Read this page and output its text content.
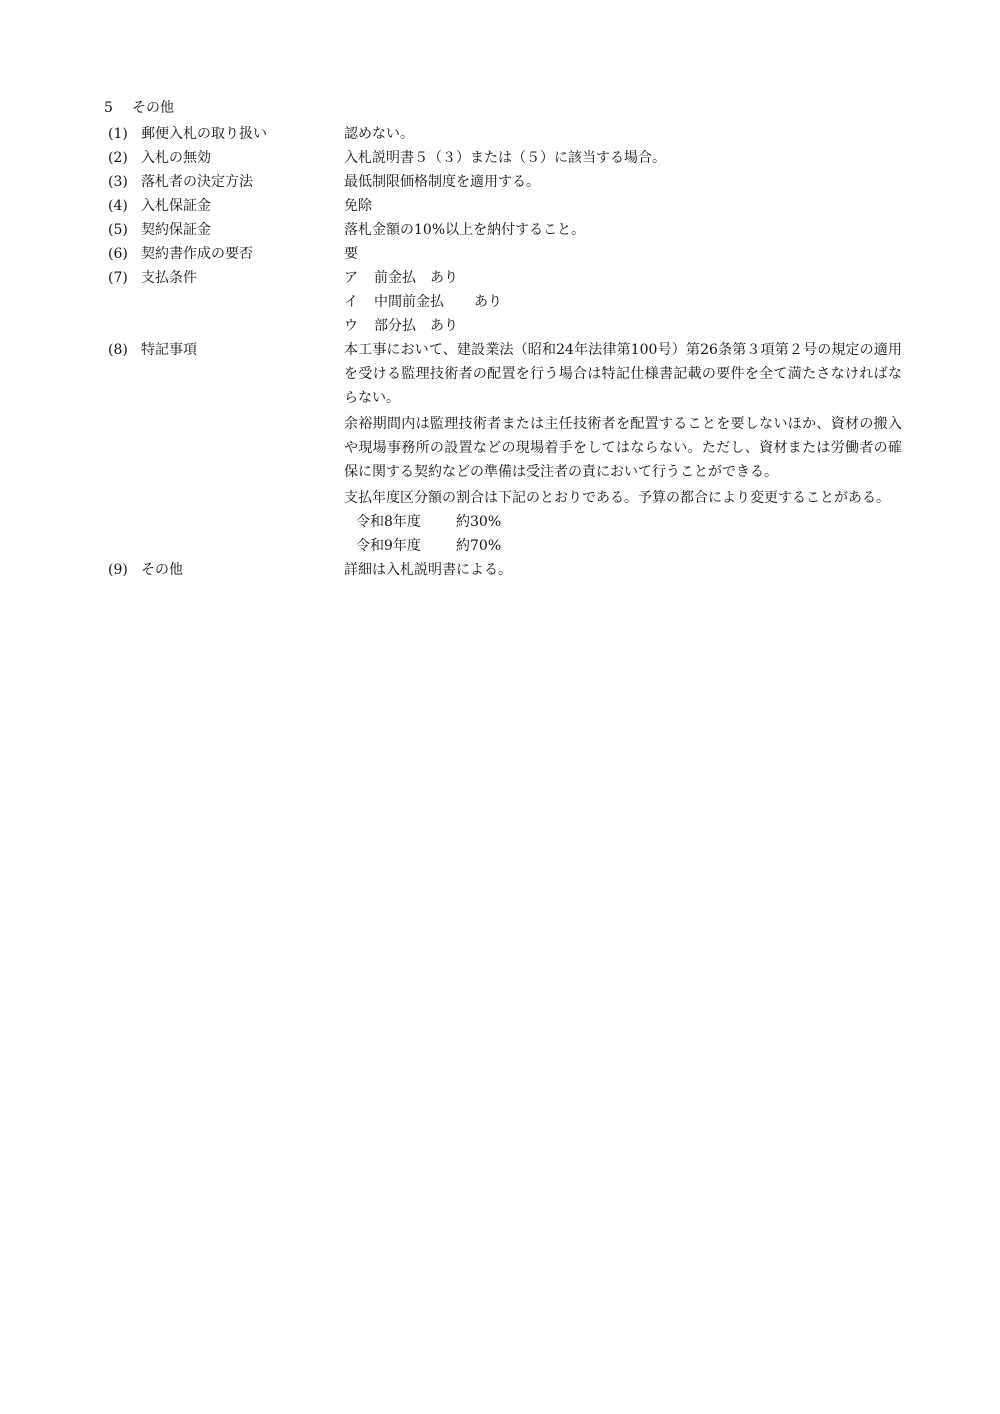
5 その他
(1) 郵便入札の取り扱い	認めない。
(2) 入札の無効	入札説明書５（３）または（５）に該当する場合。
(3) 落札者の決定方法	最低制限価格制度を適用する。
(4) 入札保証金	免除
(5) 契約保証金	落札金額の10%以上を納付すること。
(6) 契約書作成の要否	要
(7) 支払条件	ア 前金払 あり
イ 中間前金払 あり
ウ 部分払 あり
(8) 特記事項	本工事において、建設業法（昭和24年法律第100号）第26条第３項第２号の規定の適用を受ける監理技術者の配置を行う場合は特記仕様書記載の要件を全て満たさなければならない。
余裕期間内は監理技術者または主任技術者を配置することを要しないほか、資材の搬入や現場事務所の設置などの現場着手をしてはならない。ただし、資材または労働者の確保に関する契約などの準備は受注者の責において行うことができる。
支払年度区分額の割合は下記のとおりである。予算の都合により変更することがある。
令和8年度	約30%
令和9年度	約70%
(9) その他	詳細は入札説明書による。
